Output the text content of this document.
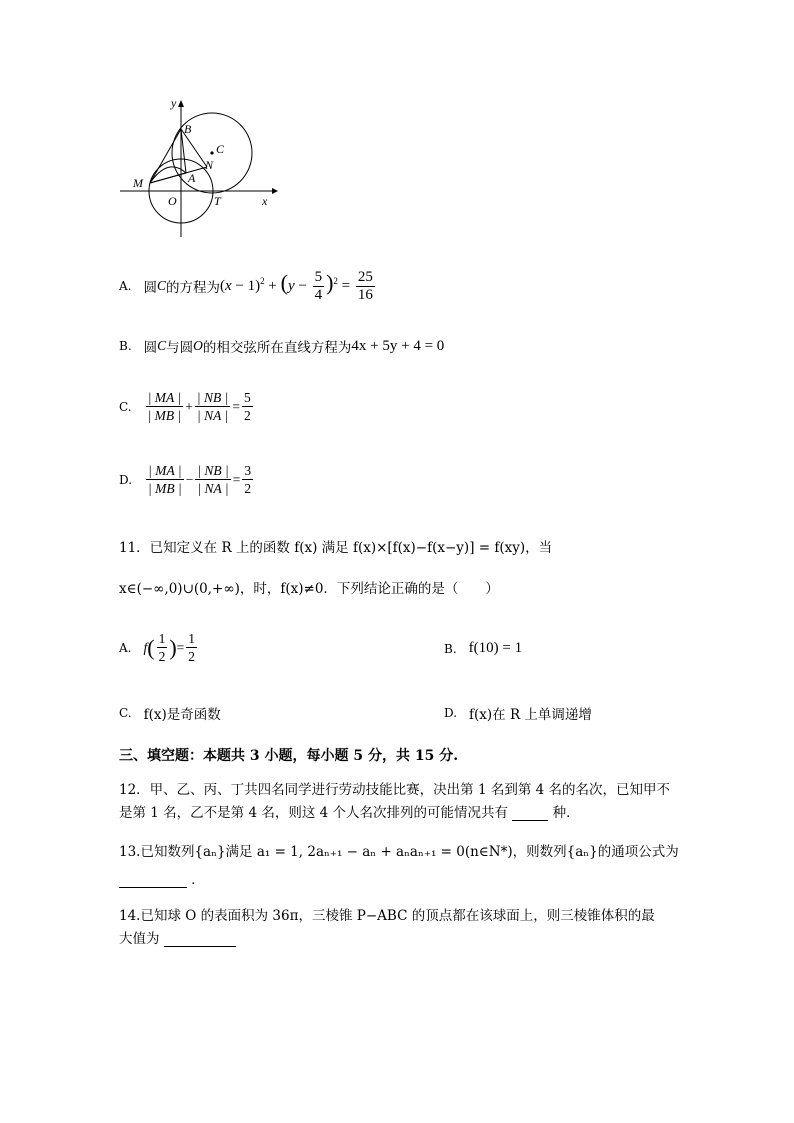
y
B
C
N
M	A
O	T	x
A. 圆 C 的方程为 $(x - 1)^2 + (y - \frac{5}{4} )^2 = \frac{25}{16}$
B. 圆 C 与圆 O 的相交弦所在直线方程为 4x + 5y + 4 = 0
C. $\frac{| MA |}{| MB |} + \frac{| NB |}{| NA |} = \frac{5}{2}$
D. $\frac{| MA |}{| MB |} - \frac{| NB |}{| NA |} = \frac{3}{2}$
11．已知定义在 R 上的函数 f(x) 满足 f(x)×[f(x)−f(x−y)] = f(xy)，当
x∈(−∞,0)∪(0,+∞)，时，f(x)≠0．下列结论正确的是（　　）
A. f ( $\frac{1}{2}$ ) = $\frac{1}{2}$	B. f(10) = 1
C. f(x)是奇函数	D. f(x)在 R 上单调递增
三、填空题：本题共 3 小题，每小题 5 分，共 15 分.
12．甲、乙、丙、丁共四名同学进行劳动技能比赛，决出第 1 名到第 4 名的名次，已知甲不
是第 1 名，乙不是第 4 名，则这 4 个人名次排列的可能情况共有	种．
13.已知数列{aₙ}满足 a₁ = 1, 2aₙ₊₁ − aₙ + aₙaₙ₊₁ = 0(n∈N*)，则数列{aₙ}的通项公式为
．
14.已知球 O 的表面积为 36π，三棱锥 P−ABC 的顶点都在该球面上，则三棱锥体积的最
大值为
